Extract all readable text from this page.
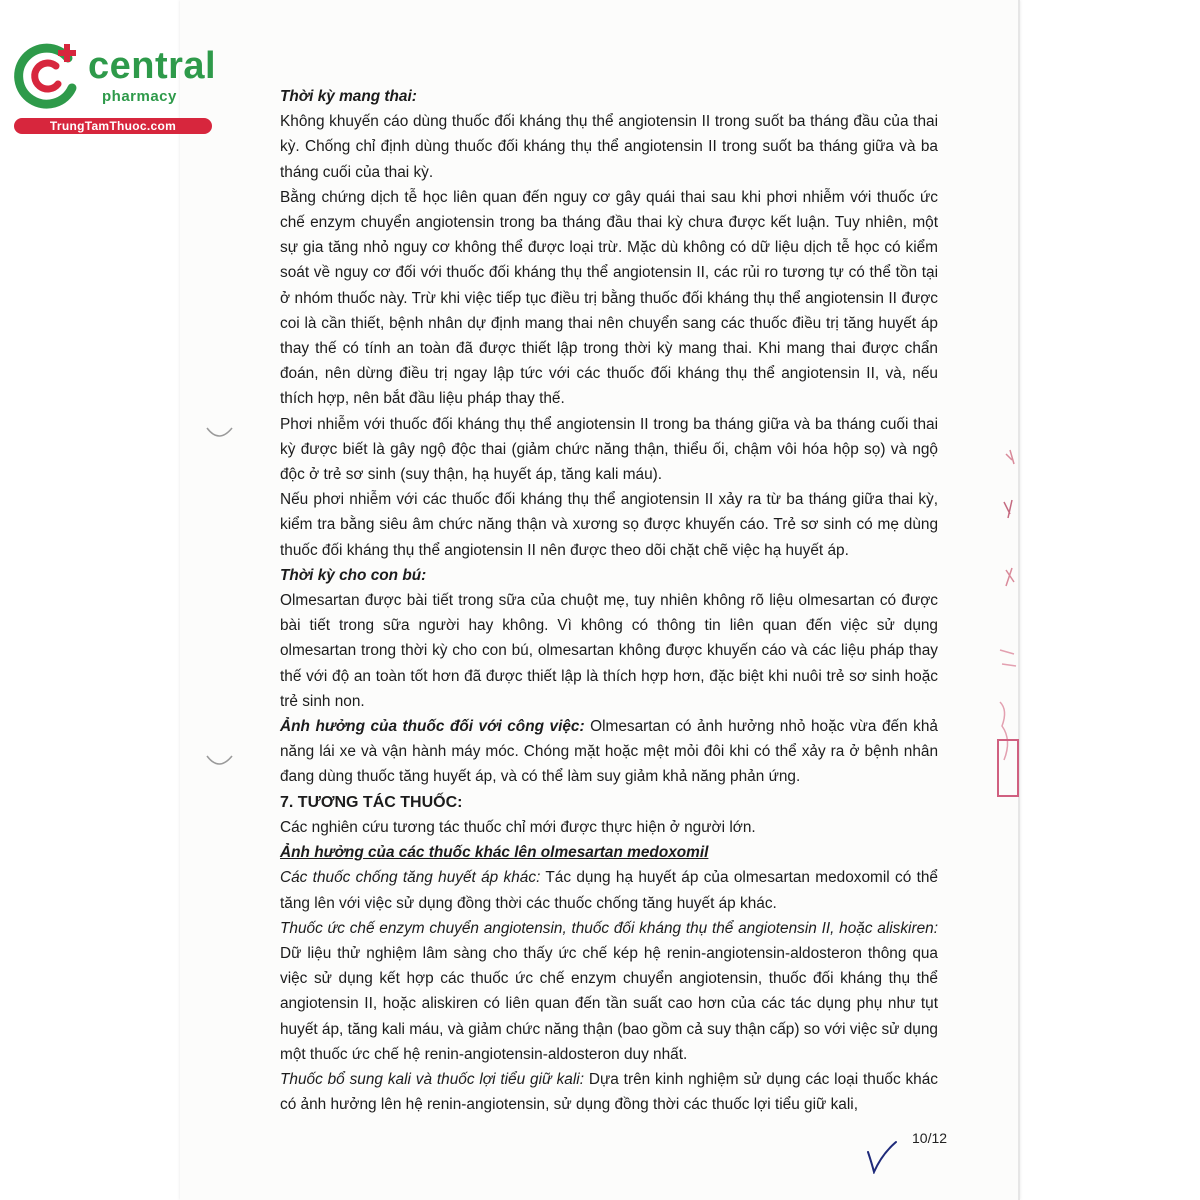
central
pharmacy
TrungTamThuoc.com

Thời kỳ mang thai:

Không khuyến cáo dùng thuốc đối kháng thụ thể angiotensin II trong suốt ba tháng đầu của thai kỳ. Chống chỉ định dùng thuốc đối kháng thụ thể angiotensin II trong suốt ba tháng giữa và ba tháng cuối của thai kỳ.

Bằng chứng dịch tễ học liên quan đến nguy cơ gây quái thai sau khi phơi nhiễm với thuốc ức chế enzym chuyển angiotensin trong ba tháng đầu thai kỳ chưa được kết luận. Tuy nhiên, một sự gia tăng nhỏ nguy cơ không thể được loại trừ. Mặc dù không có dữ liệu dịch tễ học có kiểm soát về nguy cơ đối với thuốc đối kháng thụ thể angiotensin II, các rủi ro tương tự có thể tồn tại ở nhóm thuốc này. Trừ khi việc tiếp tục điều trị bằng thuốc đối kháng thụ thể angiotensin II được coi là cần thiết, bệnh nhân dự định mang thai nên chuyển sang các thuốc điều trị tăng huyết áp thay thế có tính an toàn đã được thiết lập trong thời kỳ mang thai. Khi mang thai được chẩn đoán, nên dừng điều trị ngay lập tức với các thuốc đối kháng thụ thể angiotensin II, và, nếu thích hợp, nên bắt đầu liệu pháp thay thế.

Phơi nhiễm với thuốc đối kháng thụ thể angiotensin II trong ba tháng giữa và ba tháng cuối thai kỳ được biết là gây ngộ độc thai (giảm chức năng thận, thiểu ối, chậm vôi hóa hộp sọ) và ngộ độc ở trẻ sơ sinh (suy thận, hạ huyết áp, tăng kali máu).

Nếu phơi nhiễm với các thuốc đối kháng thụ thể angiotensin II xảy ra từ ba tháng giữa thai kỳ, kiểm tra bằng siêu âm chức năng thận và xương sọ được khuyến cáo. Trẻ sơ sinh có mẹ dùng thuốc đối kháng thụ thể angiotensin II nên được theo dõi chặt chẽ việc hạ huyết áp.

Thời kỳ cho con bú:

Olmesartan được bài tiết trong sữa của chuột mẹ, tuy nhiên không rõ liệu olmesartan có được bài tiết trong sữa người hay không. Vì không có thông tin liên quan đến việc sử dụng olmesartan trong thời kỳ cho con bú, olmesartan không được khuyến cáo và các liệu pháp thay thế với độ an toàn tốt hơn đã được thiết lập là thích hợp hơn, đặc biệt khi nuôi trẻ sơ sinh hoặc trẻ sinh non.

Ảnh hưởng của thuốc đối với công việc: Olmesartan có ảnh hưởng nhỏ hoặc vừa đến khả năng lái xe và vận hành máy móc. Chóng mặt hoặc mệt mỏi đôi khi có thể xảy ra ở bệnh nhân đang dùng thuốc tăng huyết áp, và có thể làm suy giảm khả năng phản ứng.

7. TƯƠNG TÁC THUỐC:

Các nghiên cứu tương tác thuốc chỉ mới được thực hiện ở người lớn.

Ảnh hưởng của các thuốc khác lên olmesartan medoxomil

Các thuốc chống tăng huyết áp khác: Tác dụng hạ huyết áp của olmesartan medoxomil có thể tăng lên với việc sử dụng đồng thời các thuốc chống tăng huyết áp khác.

Thuốc ức chế enzym chuyển angiotensin, thuốc đối kháng thụ thể angiotensin II, hoặc aliskiren: Dữ liệu thử nghiệm lâm sàng cho thấy ức chế kép hệ renin-angiotensin-aldosteron thông qua việc sử dụng kết hợp các thuốc ức chế enzym chuyển angiotensin, thuốc đối kháng thụ thể angiotensin II, hoặc aliskiren có liên quan đến tần suất cao hơn của các tác dụng phụ như tụt huyết áp, tăng kali máu, và giảm chức năng thận (bao gồm cả suy thận cấp) so với việc sử dụng một thuốc ức chế hệ renin-angiotensin-aldosteron duy nhất.

Thuốc bổ sung kali và thuốc lợi tiểu giữ kali: Dựa trên kinh nghiệm sử dụng các loại thuốc khác có ảnh hưởng lên hệ renin-angiotensin, sử dụng đồng thời các thuốc lợi tiểu giữ kali,

10/12
